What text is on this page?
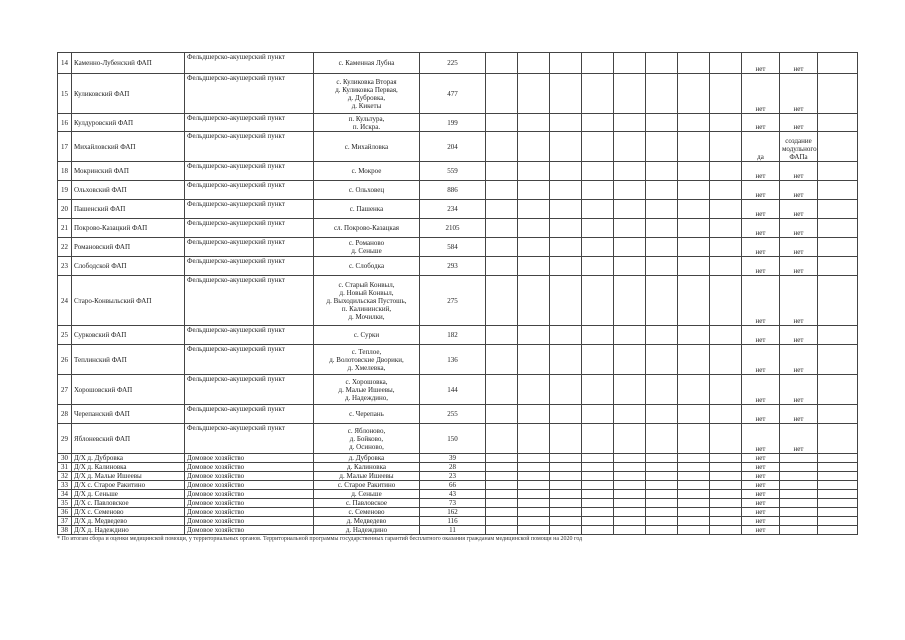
14	Каменно-Лубенский ФАП	Фельдшерско-акушерский пункт	с. Каменная Лубна	225									нет	нет	
15	Куликовский ФАП	Фельдшерско-акушерский пункт	с. Куликовка Вторая
д. Куликовка Первая,
д. Дубровка,
д. Кикеты	477									нет	нет	
16	Кулдуровский ФАП	Фельдшерско-акушерский пункт	п. Культура,
п. Искра.	199									нет	нет	
17	Михайловский ФАП	Фельдшерско-акушерский пункт	с. Михайловка	204									да	создание модульного ФАПа	
18	Мокринский ФАП	Фельдшерско-акушерский пункт	с. Мокрое	559									нет	нет	
19	Ольховский ФАП	Фельдшерско-акушерский пункт	с. Ольховец	886									нет	нет	
20	Пашенский ФАП	Фельдшерско-акушерский пункт	с. Пашенка	234									нет	нет	
21	Покрово-Казацкий ФАП	Фельдшерско-акушерский пункт	сл. Покрово-Казацкая	2105									нет	нет	
22	Романовский ФАП	Фельдшерско-акушерский пункт	с. Романово
д. Сеньше	584									нет	нет	
23	Слободской ФАП	Фельдшерско-акушерский пункт	с. Слободка	293									нет	нет	
24	Старо-Конвыльский ФАП	Фельдшерско-акушерский пункт	с. Старый Конвыл,
д. Новый Конвыл,
д. Выходильская Пустошь,
п. Калининский,
д. Мочилки,	275									нет	нет	
25	Сурковский ФАП	Фельдшерско-акушерский пункт	с. Сурки	182									нет	нет	
26	Теплинский ФАП	Фельдшерско-акушерский пункт	с. Теплое,
д. Волотовские Дворики,
д. Хмелевка,	136									нет	нет	
27	Хорошовский ФАП	Фельдшерско-акушерский пункт	с. Хорошовка,
д. Малые Ишеевы,
д. Надеждино,	144									нет	нет	
28	Черепанский ФАП	Фельдшерско-акушерский пункт	с. Черепань	255									нет	нет	
29	Яблоневский ФАП	Фельдшерско-акушерский пункт	с. Яблоново,
д. Бойково,
д. Осиново,	150									нет	нет	
30	Д/Х д. Дубровка	Домовое хозяйство	д. Дубровка	39									нет		
31	Д/Х д. Калиновка	Домовое хозяйство	д. Калиновка	28									нет		
32	Д/Х д. Малые Ишеевы	Домовое хозяйство	д. Малые Ишеевы	23									нет		
33	Д/Х с. Старое Ракитино	Домовое хозяйство	с. Старое Ракитино	66									нет		
34	Д/Х д. Сеньше	Домовое хозяйство	д. Сеньше	43									нет		
35	Д/Х с. Павловское	Домовое хозяйство	с. Павловское	73									нет		
36	Д/Х с. Семеново	Домовое хозяйство	с. Семеново	162									нет		
37	Д/Х д. Медведево	Домовое хозяйство	д. Медведево	116									нет		
38	Д/Х д. Надеждино	Домовое хозяйство	д. Надеждино	11									нет		
* По итогам сбора и оценки медицинской помощи, у территориальных органов. Территориальной программы государственных гарантий бесплатного оказания гражданам медицинской помощи на 2020 год
